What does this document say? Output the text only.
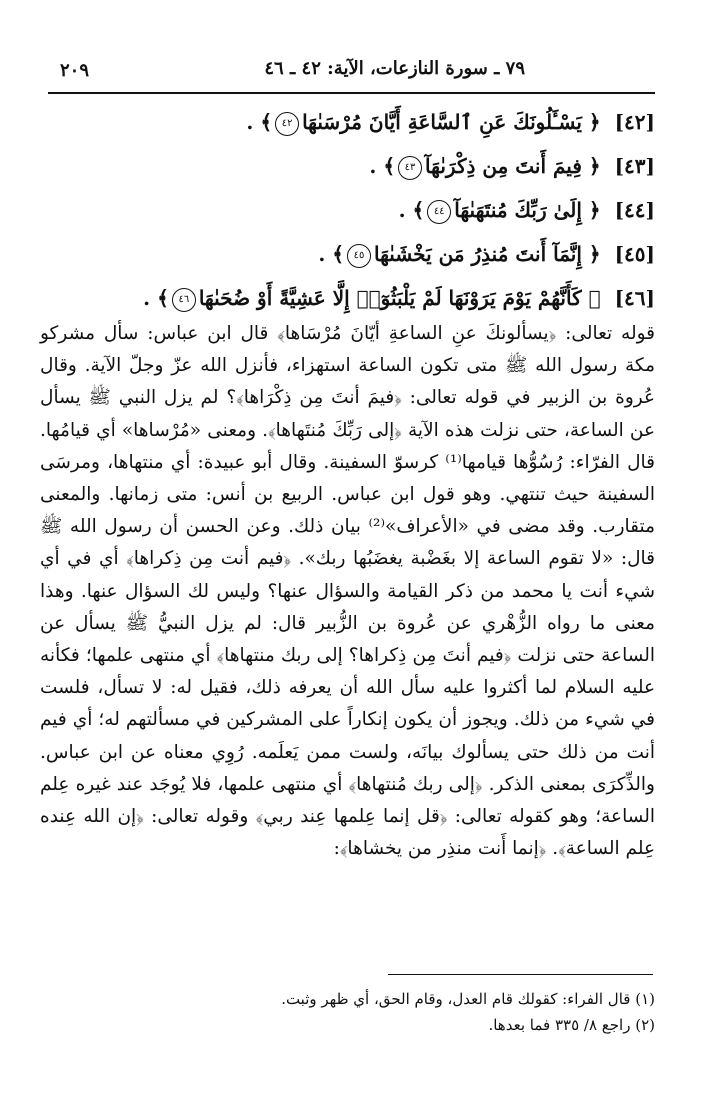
٢٠٩	٧٩ ـ سورة النازعات، الآية: ٤٢ ـ ٤٦
[٤٢]﴿ يَسْـَٔلُونَكَ عَنِ ٱلسَّاعَةِ أَيَّانَ مُرْسَىٰهَا٤٢﴾ .
[٤٣]﴿ فِيمَ أَنتَ مِن ذِكْرَىٰهَآ٤٣﴾ .
[٤٤]﴿ إِلَىٰ رَبِّكَ مُنتَهَىٰهَآ٤٤﴾ .
[٤٥]﴿ إِنَّمَآ أَنتَ مُنذِرُ مَن يَخْشَىٰهَا٤٥﴾ .
[٤٦]﴿ كَأَنَّهُمْ يَوْمَ يَرَوْنَهَا لَمْ يَلْبَثُوٓا۟ إِلَّا عَشِيَّةً أَوْ ضُحَىٰهَا٤٦﴾ .

قوله تعالى: ﴿يسألونكَ عنِ الساعةِ أيّانَ مُرْسَاها﴾ قال ابن عباس: سأل مشركو مكة رسول الله ﷺ متى تكون الساعة استهزاء، فأنزل الله عزّ وجلّ الآية. وقال عُروة بن الزبير في قوله تعالى: ﴿فيمَ أنتَ مِن ذِكْرَاها﴾؟ لم يزل النبي ﷺ يسأل عن الساعة، حتى نزلت هذه الآية ﴿إلى رَبِّكَ مُنتَهاها﴾. ومعنى «مُرْساها» أي قيامُها. قال الفرّاء: رُسُوُّها قيامها⁽¹⁾ كرسوّ السفينة. وقال أبو عبيدة: أي منتهاها، ومرسَى السفينة حيث تنتهي. وهو قول ابن عباس. الربيع بن أنس: متى زمانها. والمعنى متقارب. وقد مضى في «الأعراف»⁽²⁾ بيان ذلك. وعن الحسن أن رسول الله ﷺ قال: «لا تقوم الساعة إلا بغَضْبة يغضَبُها ربك». ﴿فيم أنت مِن ذِكراها﴾ أي في أي شيء أنت يا محمد من ذكر القيامة والسؤال عنها؟ وليس لك السؤال عنها. وهذا معنى ما رواه الزُّهْري عن عُروة بن الزُّبير قال: لم يزل النبيُّ ﷺ يسأل عن الساعة حتى نزلت ﴿فيم أنتَ مِن ذِكراها؟ إلى ربك منتهاها﴾ أي منتهى علمها؛ فكأنه عليه السلام لما أكثروا عليه سأل الله أن يعرفه ذلك، فقيل له: لا تسأل، فلست في شيء من ذلك. ويجوز أن يكون إنكاراً على المشركين في مسألتهم له؛ أي فيم أنت من ذلك حتى يسألوك بيانَه، ولست ممن يَعلَمه. رُوِي معناه عن ابن عباس. والذِّكرَى بمعنى الذكر. ﴿إلى ربك مُنتهاها﴾ أي منتهى علمها، فلا يُوجَد عند غيره عِلم الساعة؛ وهو كقوله تعالى: ﴿قل إنما عِلمها عِند ربي﴾ وقوله تعالى: ﴿إن الله عِنده عِلم الساعة﴾. ﴿إنما أَنت منذِر من يخشاها﴾:

(١) قال الفراء: كقولك قام العدل، وقام الحق، أي ظهر وثبت.
(٢) راجع ٨/ ٣٣٥ فما بعدها.
